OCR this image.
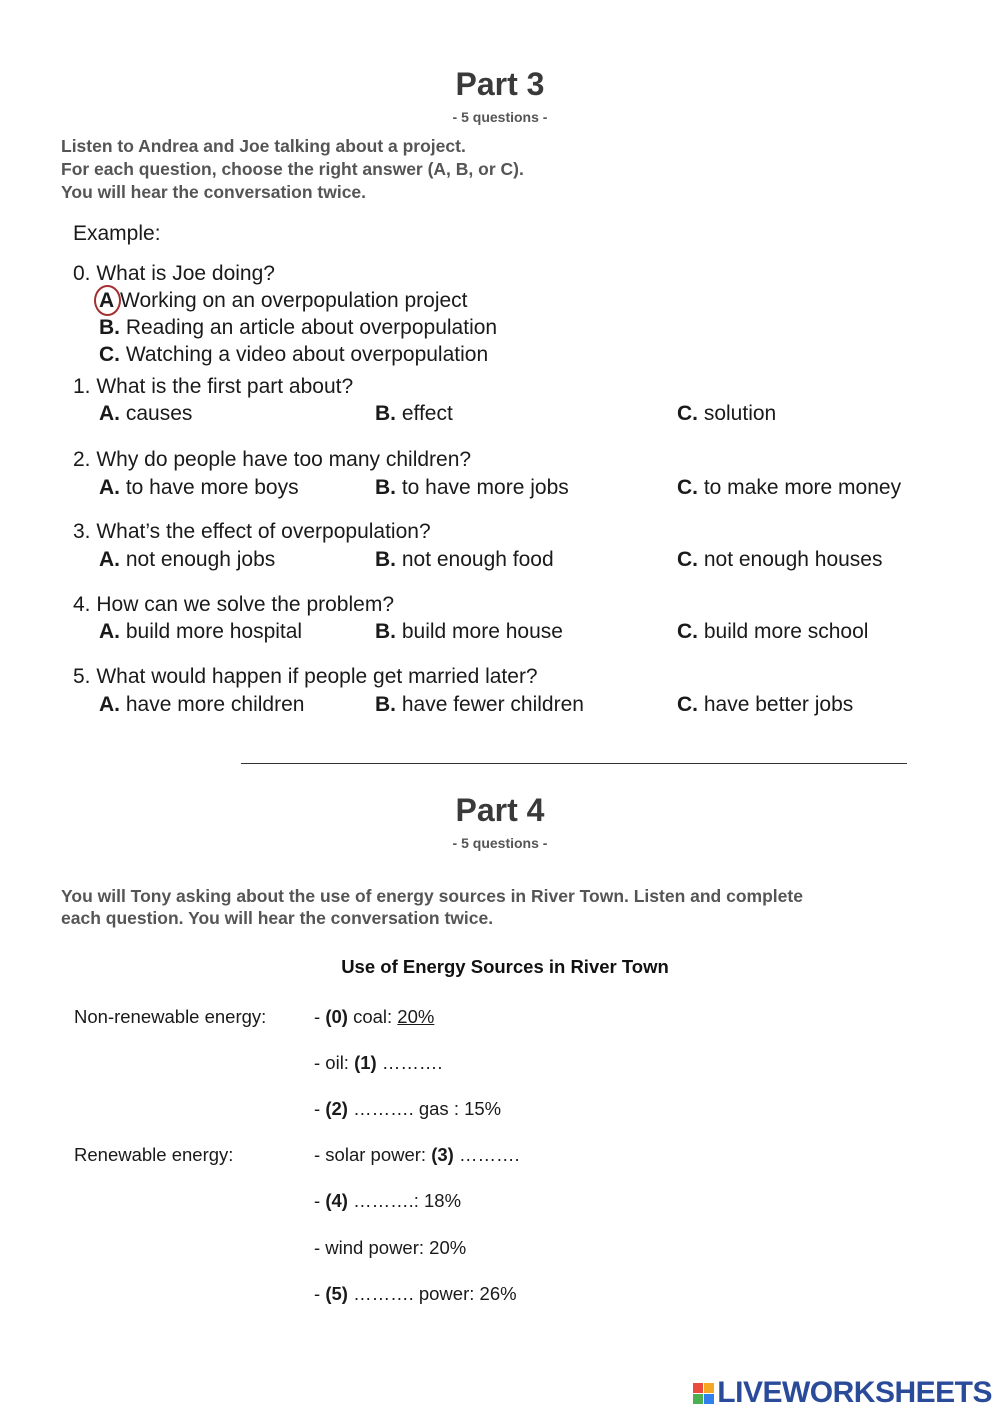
Part 3
- 5 questions -
Listen to Andrea and Joe talking about a project.
For each question, choose the right answer (A, B, or C).
You will hear the conversation twice.
Example:
0. What is Joe doing?
A Working on an overpopulation project
B. Reading an article about overpopulation
C. Watching a video about overpopulation
1. What is the first part about?
A. causes	B. effect	C. solution
2. Why do people have too many children?
A. to have more boys	B. to have more jobs	C. to make more money
3. What’s the effect of overpopulation?
A. not enough jobs	B. not enough food	C. not enough houses
4. How can we solve the problem?
A. build more hospital	B. build more house	C. build more school
5. What would happen if people get married later?
A. have more children	B. have fewer children	C. have better jobs
Part 4
- 5 questions -
You will Tony asking about the use of energy sources in River Town. Listen and complete
each question. You will hear the conversation twice.
Use of Energy Sources in River Town
Non-renewable energy:	- (0) coal: 20%
- oil: (1) ……….
- (2) ………. gas : 15%
Renewable energy:	- solar power: (3) ……….
- (4) ……….: 18%
- wind power: 20%
- (5) ………. power: 26%
LIVEWORKSHEETS
